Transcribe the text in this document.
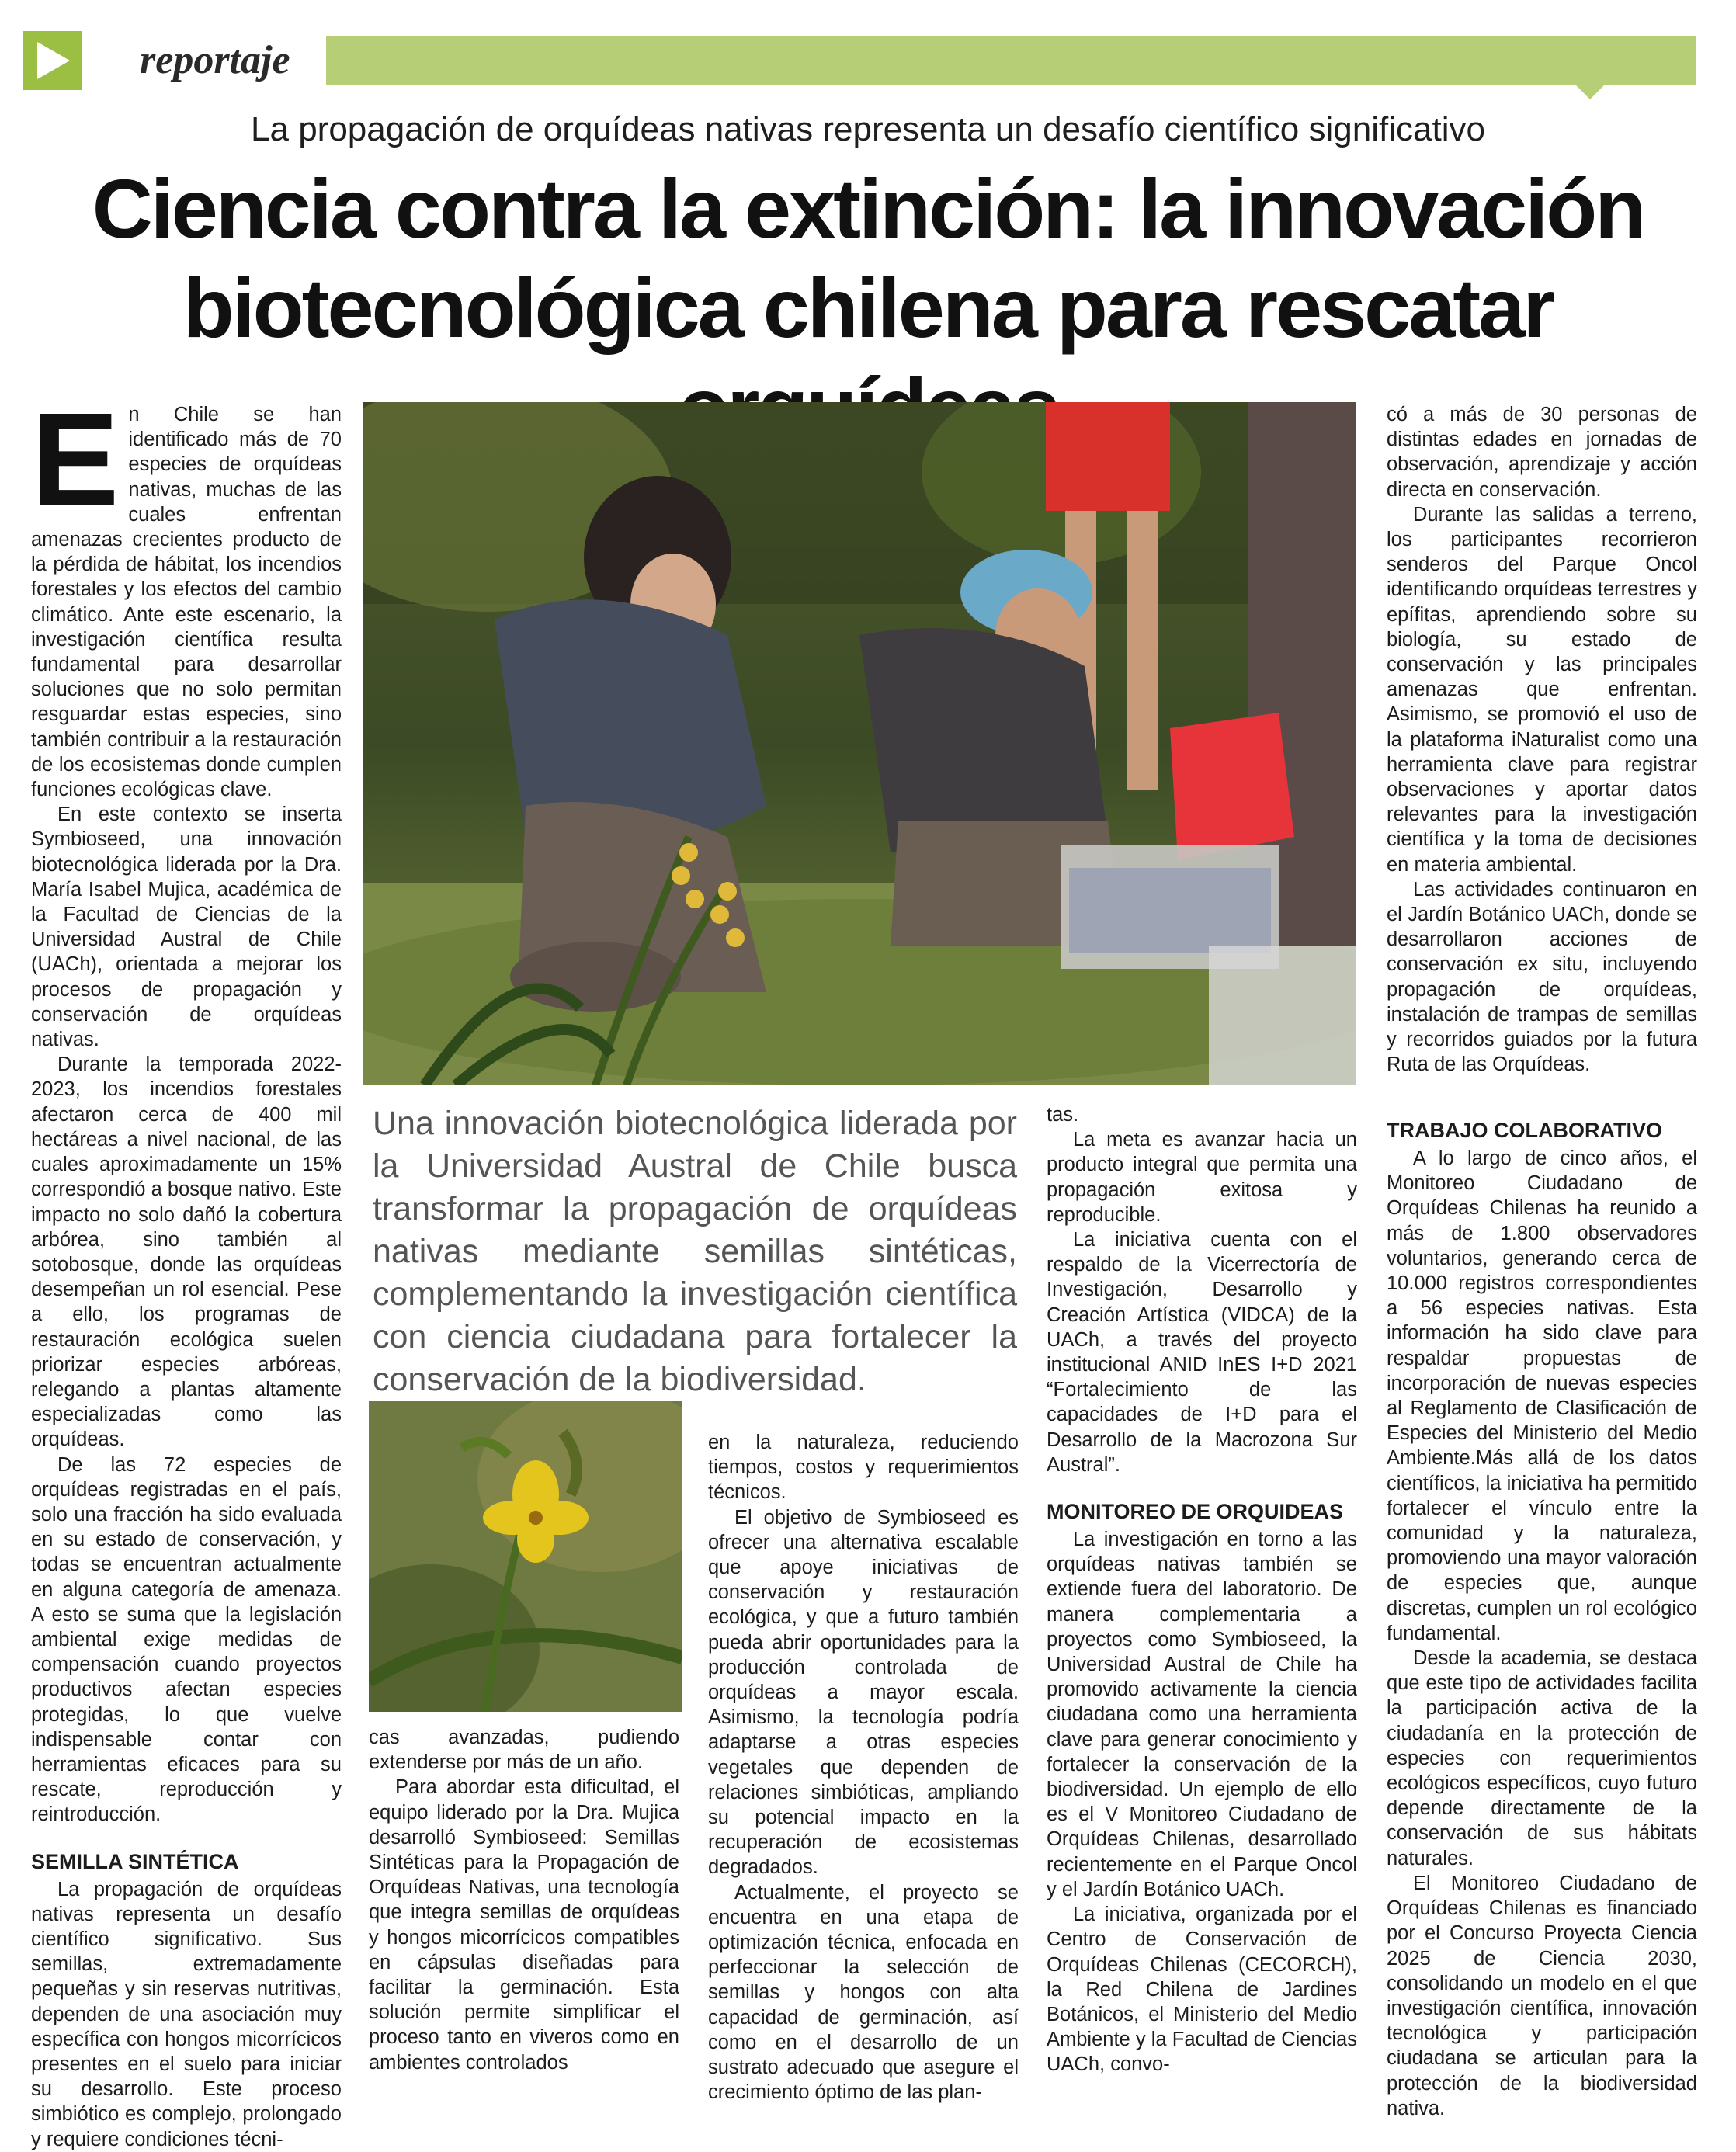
reportaje
La propagación de orquídeas nativas representa un desafío científico significativo
Ciencia contra la extinción: la innovación
biotecnológica chilena para rescatar

En Chile se han identificado más de 70 especies de orquídeas nativas, muchas de las cuales enfrentan amenazas crecientes producto de la pérdida de hábitat, los incendios forestales y los efectos del cambio climático. Ante este escenario, la investigación científica resulta fundamental para desarrollar soluciones que no solo permitan resguardar estas especies, sino también contribuir a la restauración de los ecosistemas donde cumplen funciones ecológicas clave.

En este contexto se inserta Symbioseed, una innovación biotecnológica liderada por la Dra. María Isabel Mujica, académica de la Facultad de Ciencias de la Universidad Austral de Chile (UACh), orientada a mejorar los procesos de propagación y conservación de orquídeas nativas.

Durante la temporada 2022-2023, los incendios forestales afectaron cerca de 400 mil hectáreas a nivel nacional, de las cuales aproximadamente un 15% correspondió a bosque nativo. Este impacto no solo dañó la cobertura arbórea, sino también al sotobosque, donde las orquídeas desempeñan un rol esencial. Pese a ello, los programas de restauración ecológica suelen priorizar especies arbóreas, relegando a plantas altamente especializadas como las orquídeas.

De las 72 especies de orquídeas registradas en el país, solo una fracción ha sido evaluada en su estado de conservación, y todas se encuentran actualmente en alguna categoría de amenaza. A esto se suma que la legislación ambiental exige medidas de compensación cuando proyectos productivos afectan especies protegidas, lo que vuelve indispensable contar con herramientas eficaces para su rescate, reproducción y reintroducción.

SEMILLA SINTÉTICA

La propagación de orquídeas nativas representa un desafío científico significativo. Sus semillas, extremadamente pequeñas y sin reservas nutritivas, dependen de una asociación muy específica con hongos micorrícicos presentes en el suelo para iniciar su desarrollo. Este proceso simbiótico es complejo, prolongado y requiere condiciones técni-

Una innovación biotecnológica liderada por la Universidad Austral de Chile busca transformar la propagación de orquídeas nativas mediante semillas sintéticas, complementando la investigación científica con ciencia ciudadana para fortalecer la conservación de la biodiversidad.

cas avanzadas, pudiendo extenderse por más de un año.

Para abordar esta dificultad, el equipo liderado por la Dra. Mujica desarrolló Symbioseed: Semillas Sintéticas para la Propagación de Orquídeas Nativas, una tecnología que integra semillas de orquídeas y hongos micorrícicos compatibles en cápsulas diseñadas para facilitar la germinación. Esta solución permite simplificar el proceso tanto en viveros como en ambientes controlados

en la naturaleza, reduciendo tiempos, costos y requerimientos técnicos.

El objetivo de Symbioseed es ofrecer una alternativa escalable que apoye iniciativas de conservación y restauración ecológica, y que a futuro también pueda abrir oportunidades para la producción controlada de orquídeas a mayor escala. Asimismo, la tecnología podría adaptarse a otras especies vegetales que dependen de relaciones simbióticas, ampliando su potencial impacto en la recuperación de ecosistemas degradados.

Actualmente, el proyecto se encuentra en una etapa de optimización técnica, enfocada en perfeccionar la selección de semillas y hongos con alta capacidad de germinación, así como en el desarrollo de un sustrato adecuado que asegure el crecimiento óptimo de las plan-

tas.

La meta es avanzar hacia un producto integral que permita una propagación exitosa y reproducible.

La iniciativa cuenta con el respaldo de la Vicerrectoría de Investigación, Desarrollo y Creación Artística (VIDCA) de la UACh, a través del proyecto institucional ANID InES I+D 2021 “Fortalecimiento de las capacidades de I+D para el Desarrollo de la Macrozona Sur Austral”.

MONITOREO DE ORQUIDEAS

La investigación en torno a las orquídeas nativas también se extiende fuera del laboratorio. De manera complementaria a proyectos como Symbioseed, la Universidad Austral de Chile ha promovido activamente la ciencia ciudadana como una herramienta clave para generar conocimiento y fortalecer la conservación de la biodiversidad. Un ejemplo de ello es el V Monitoreo Ciudadano de Orquídeas Chilenas, desarrollado recientemente en el Parque Oncol y el Jardín Botánico UACh.

La iniciativa, organizada por el Centro de Conservación de Orquídeas Chilenas (CECORCH), la Red Chilena de Jardines Botánicos, el Ministerio del Medio Ambiente y la Facultad de Ciencias UACh, convo-

có a más de 30 personas de distintas edades en jornadas de observación, aprendizaje y acción directa en conservación.

Durante las salidas a terreno, los participantes recorrieron senderos del Parque Oncol identificando orquídeas terrestres y epífitas, aprendiendo sobre su biología, su estado de conservación y las principales amenazas que enfrentan. Asimismo, se promovió el uso de la plataforma iNaturalist como una herramienta clave para registrar observaciones y aportar datos relevantes para la investigación científica y la toma de decisiones en materia ambiental.

Las actividades continuaron en el Jardín Botánico UACh, donde se desarrollaron acciones de conservación ex situ, incluyendo propagación de orquídeas, instalación de trampas de semillas y recorridos guiados por la futura Ruta de las Orquídeas.

TRABAJO COLABORATIVO

A lo largo de cinco años, el Monitoreo Ciudadano de Orquídeas Chilenas ha reunido a más de 1.800 observadores voluntarios, generando cerca de 10.000 registros correspondientes a 56 especies nativas. Esta información ha sido clave para respaldar propuestas de incorporación de nuevas especies al Reglamento de Clasificación de Especies del Ministerio del Medio Ambiente.Más allá de los datos científicos, la iniciativa ha permitido fortalecer el vínculo entre la comunidad y la naturaleza, promoviendo una mayor valoración de especies que, aunque discretas, cumplen un rol ecológico fundamental.

Desde la academia, se destaca que este tipo de actividades facilita la participación activa de la ciudadanía en la protección de especies con requerimientos ecológicos específicos, cuyo futuro depende directamente de la conservación de sus hábitats naturales.

El Monitoreo Ciudadano de Orquídeas Chilenas es financiado por el Concurso Proyecta Ciencia 2025 de Ciencia 2030, consolidando un modelo en el que investigación científica, innovación tecnológica y participación ciudadana se articulan para la protección de la biodiversidad nativa.
